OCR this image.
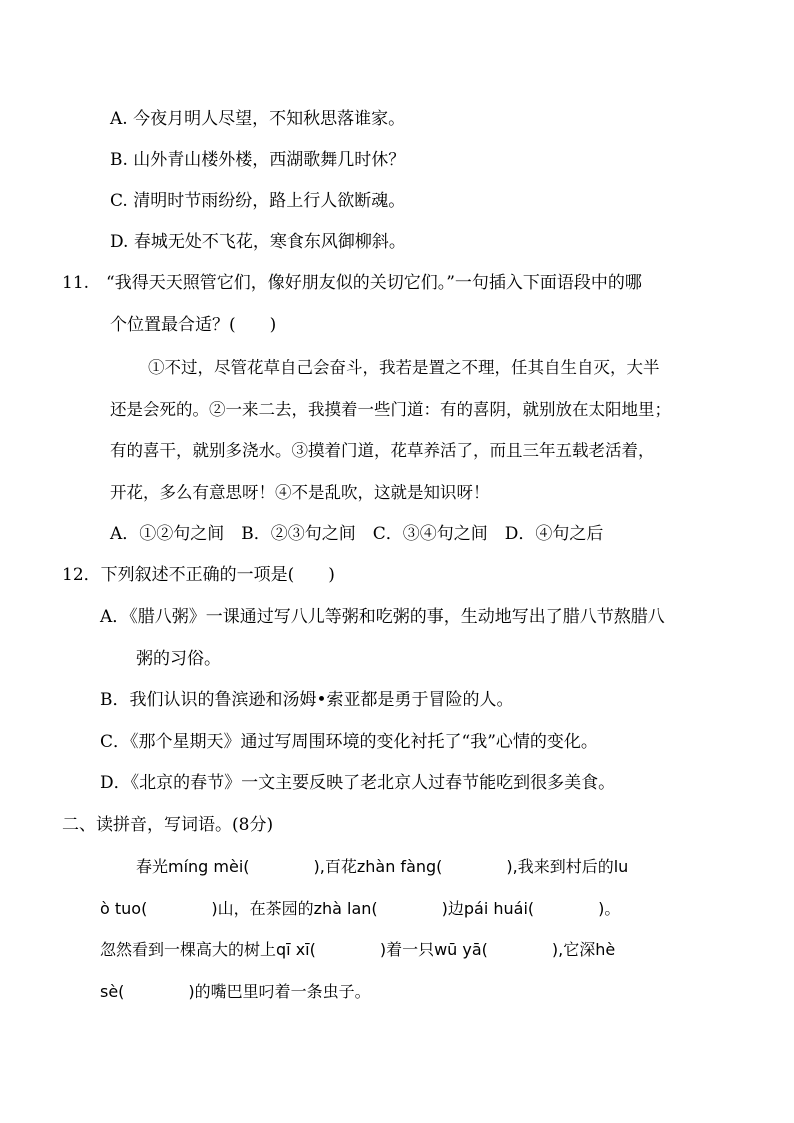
A. 今夜月明人尽望，不知秋思落谁家。
B. 山外青山楼外楼，西湖歌舞几时休？
C. 清明时节雨纷纷，路上行人欲断魂。
D. 春城无处不飞花，寒食东风御柳斜。
11.　“我得天天照管它们，像好朋友似的关切它们。”一句插入下面语段中的哪
个位置最合适？(　　)
①不过，尽管花草自己会奋斗，我若是置之不理，任其自生自灭，大半
还是会死的。②一来二去，我摸着一些门道：有的喜阴，就别放在太阳地里；
有的喜干，就别多浇水。③摸着门道，花草养活了，而且三年五载老活着，
开花，多么有意思呀！④不是乱吹，这就是知识呀！
A．①②句之间　B．②③句之间　C．③④句之间　D．④句之后
12．下列叙述不正确的一项是(　　)
A．《腊八粥》一课通过写八儿等粥和吃粥的事，生动地写出了腊八节熬腊八
粥的习俗。
B．我们认识的鲁滨逊和汤姆•索亚都是勇于冒险的人。
C．《那个星期天》通过写周围环境的变化衬托了“我”心情的变化。
D．《北京的春节》一文主要反映了老北京人过春节能吃到很多美食。
二、读拼音，写词语。(8分)
春光míng mèi(　　　　),百花zhàn fàng(　　　　),我来到村后的lu
ò tuo(　　　　)山，在茶园的zhà lan(　　　　)边pái huái(　　　　)。
忽然看到一棵高大的树上qī xī(　　　　)着一只wū yā(　　　　),它深hè
sè(　　　　)的嘴巴里叼着一条虫子。
